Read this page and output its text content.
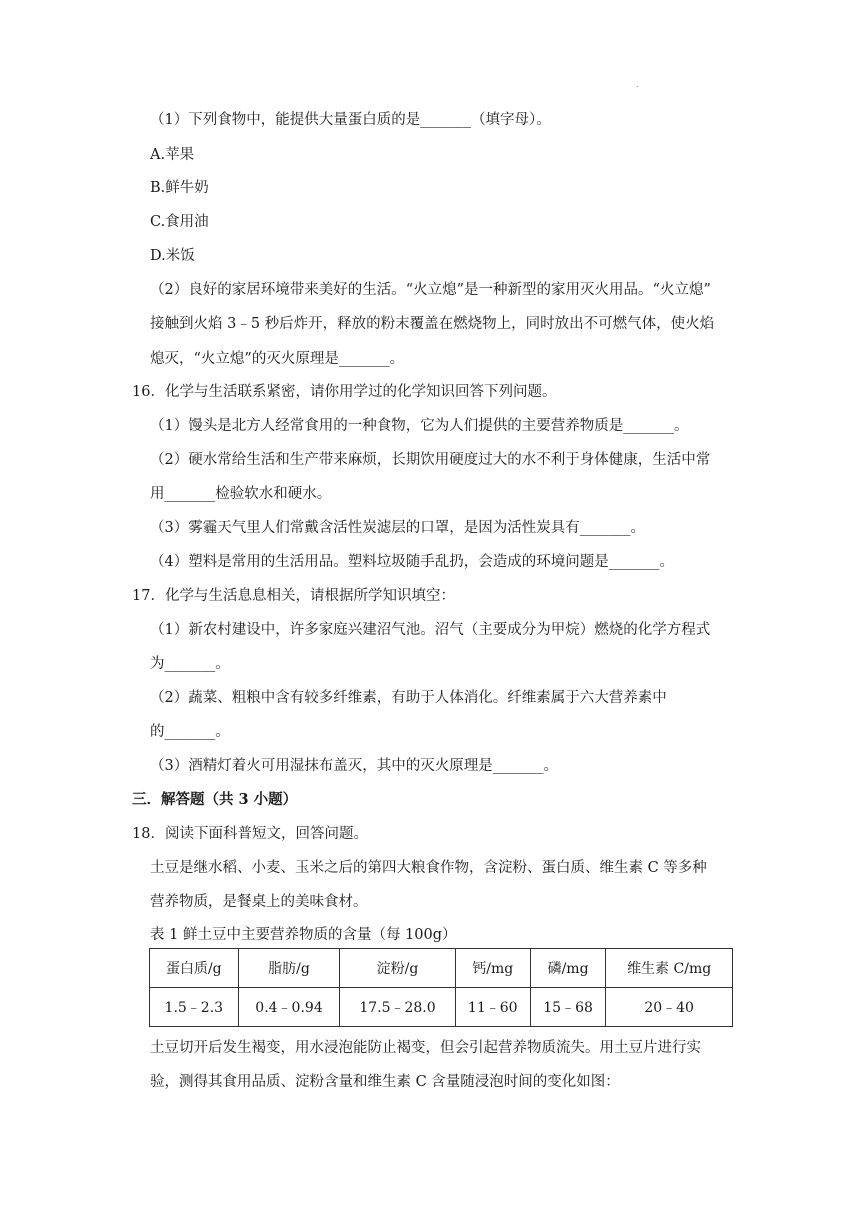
.
（1）下列食物中，能提供大量蛋白质的是_______（填字母）。
A.苹果
B.鲜牛奶
C.食用油
D.米饭
（2）良好的家居环境带来美好的生活。“火立熄”是一种新型的家用灭火用品。“火立熄”
接触到火焰 3﹣5 秒后炸开，释放的粉末覆盖在燃烧物上，同时放出不可燃气体，使火焰
熄灭，“火立熄”的灭火原理是_______。
16．化学与生活联系紧密，请你用学过的化学知识回答下列问题。
（1）馒头是北方人经常食用的一种食物，它为人们提供的主要营养物质是_______。
（2）硬水常给生活和生产带来麻烦，长期饮用硬度过大的水不利于身体健康，生活中常
用_______检验软水和硬水。
（3）雾霾天气里人们常戴含活性炭滤层的口罩，是因为活性炭具有_______。
（4）塑料是常用的生活用品。塑料垃圾随手乱扔，会造成的环境问题是_______。
17．化学与生活息息相关，请根据所学知识填空：
（1）新农村建设中，许多家庭兴建沼气池。沼气（主要成分为甲烷）燃烧的化学方程式
为_______。
（2）蔬菜、粗粮中含有较多纤维素，有助于人体消化。纤维素属于六大营养素中
的_______。
（3）酒精灯着火可用湿抹布盖灭，其中的灭火原理是_______。
三．解答题（共 3 小题）
18．阅读下面科普短文，回答问题。
土豆是继水稻、小麦、玉米之后的第四大粮食作物，含淀粉、蛋白质、维生素 C 等多种
营养物质，是餐桌上的美味食材。
表 1 鲜土豆中主要营养物质的含量（每 100g）
蛋白质/g	脂肪/g	淀粉/g	钙/mg	磷/mg	维生素 C/mg
1.5﹣2.3	0.4﹣0.94	17.5﹣28.0	11﹣60	15﹣68	20﹣40
土豆切开后发生褐变，用水浸泡能防止褐变，但会引起营养物质流失。用土豆片进行实
验，测得其食用品质、淀粉含量和维生素 C 含量随浸泡时间的变化如图：
